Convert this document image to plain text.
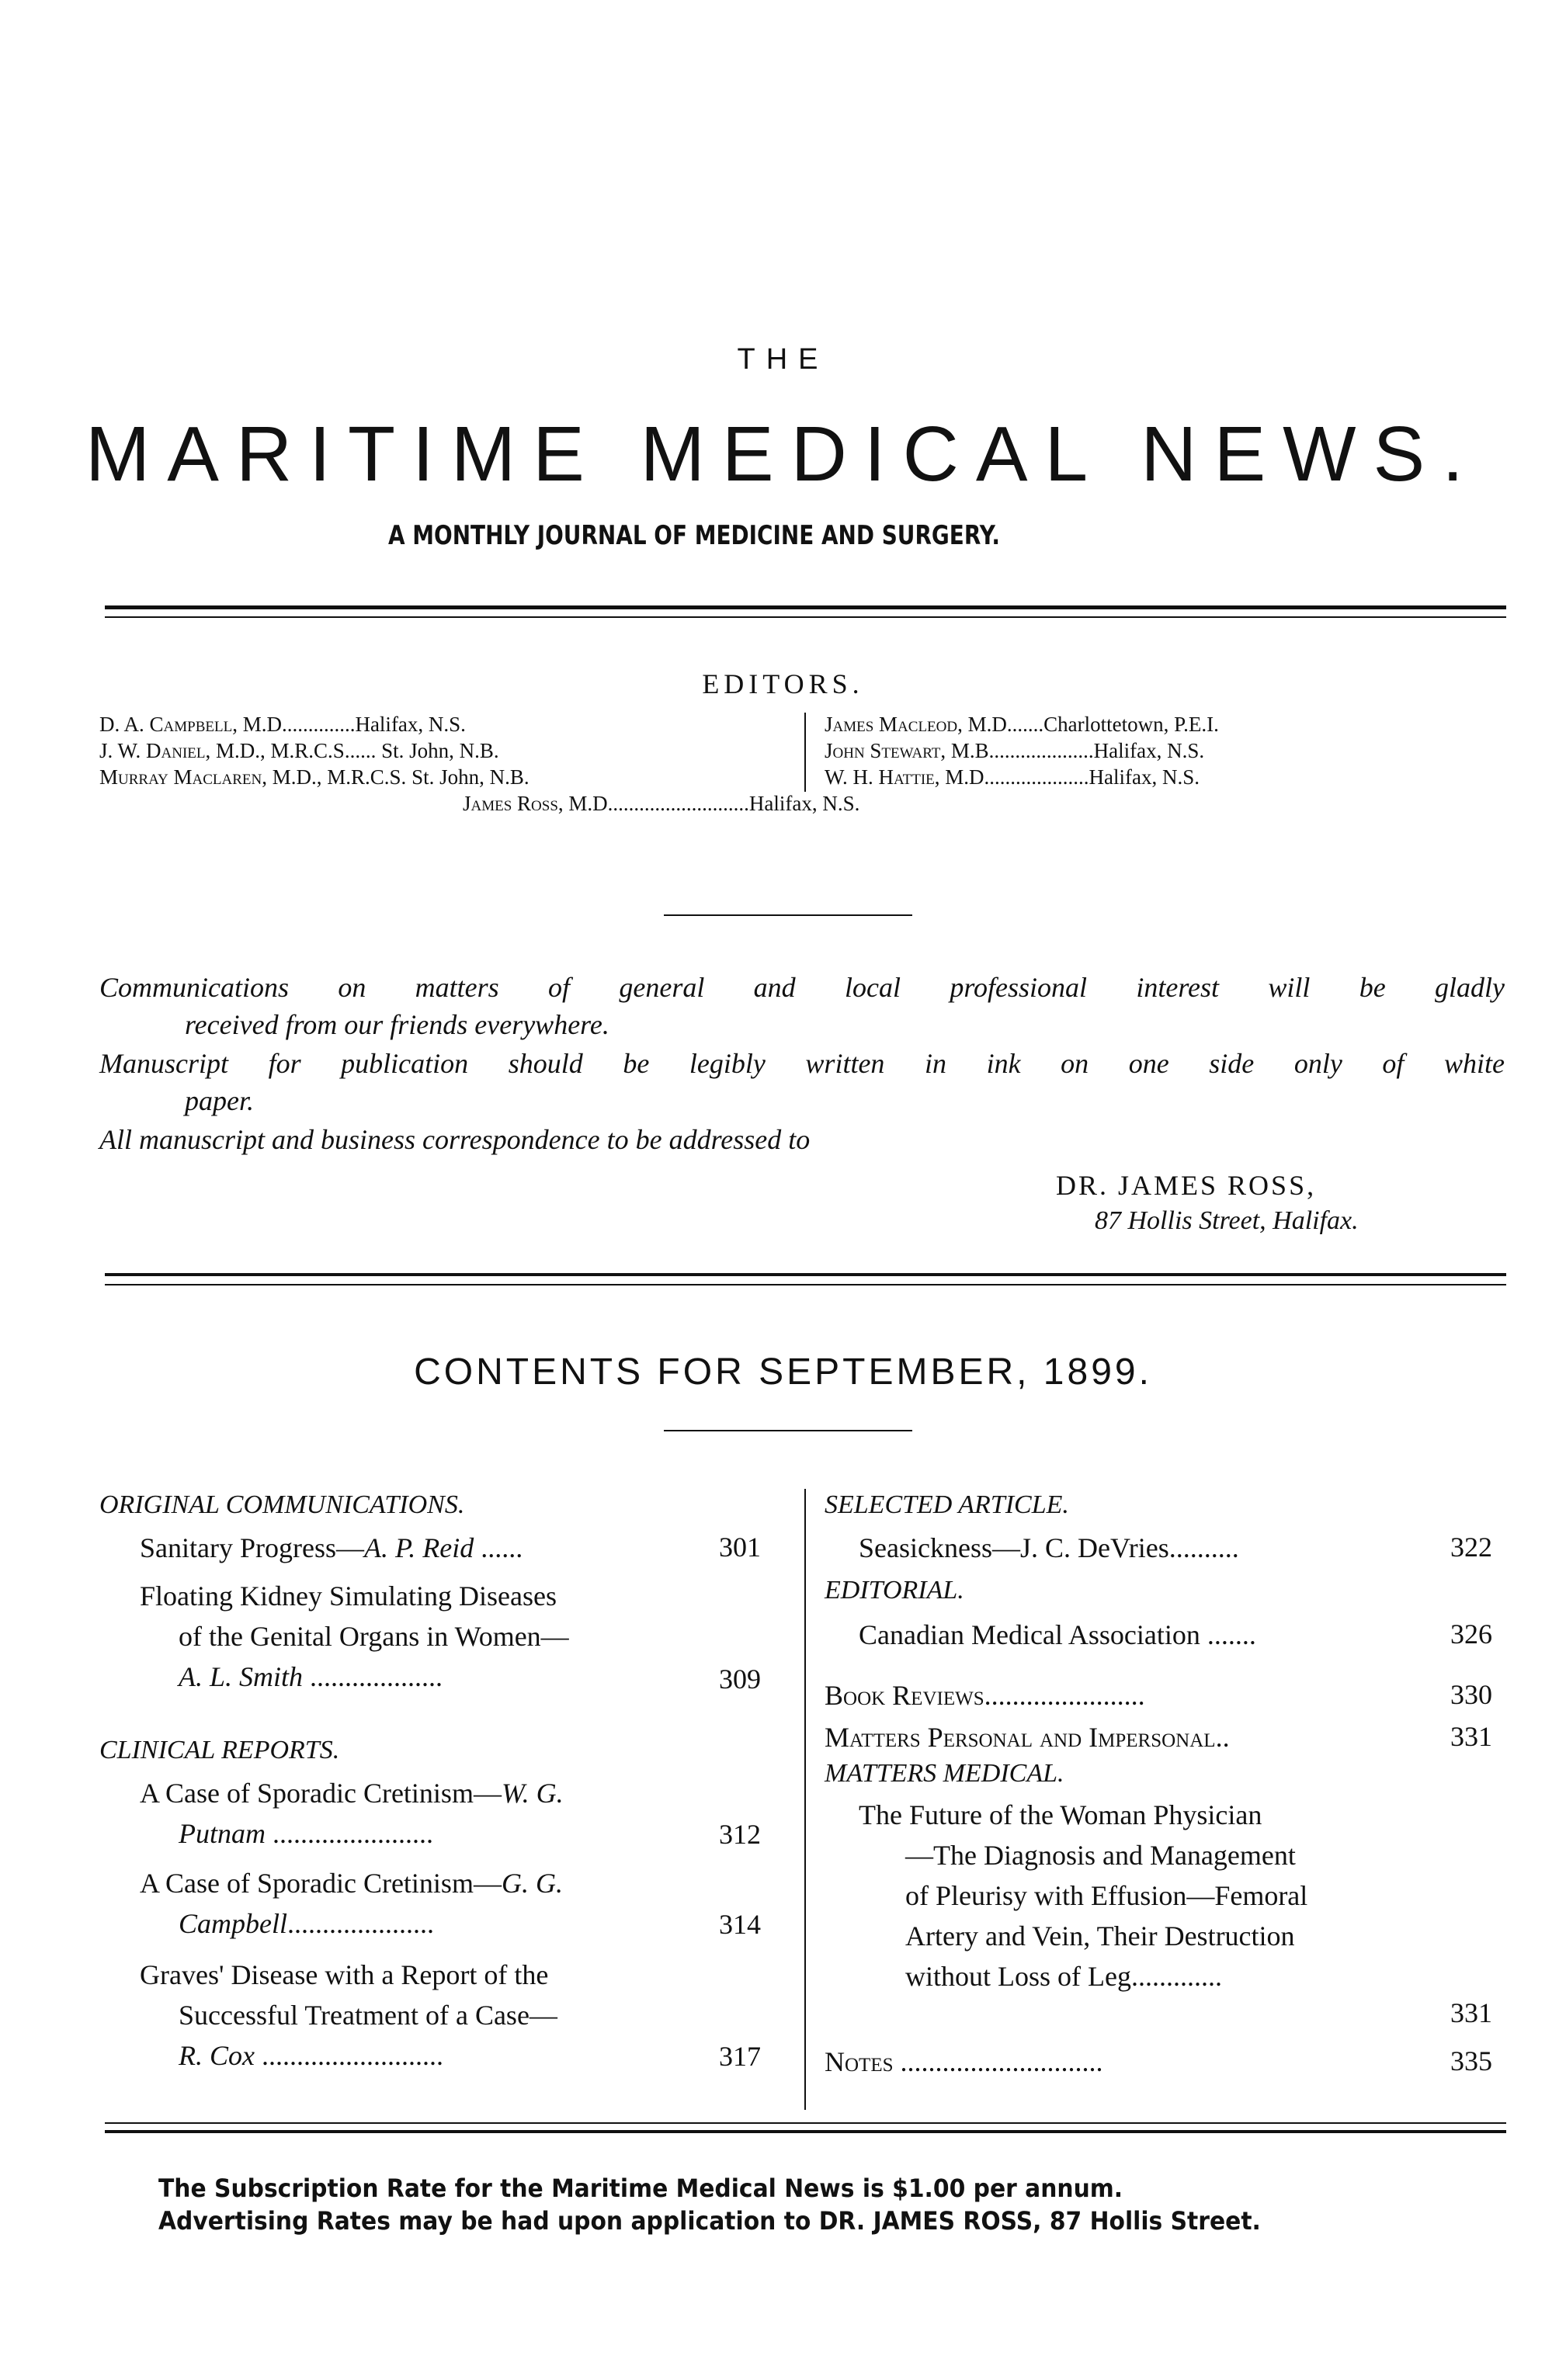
THE
MARITIME MEDICAL NEWS.
A MONTHLY JOURNAL OF MEDICINE AND SURGERY.
EDITORS.
D. A. Campbell, M.D..............Halifax, N.S.
J. W. Daniel, M.D., M.R.C.S...... St. John, N.B.
Murray Maclaren, M.D., M.R.C.S. St. John, N.B.
James Macleod, M.D.......Charlottetown, P.E.I.
John Stewart, M.B....................Halifax, N.S.
W. H. Hattie, M.D....................Halifax, N.S.
James Ross, M.D...........................Halifax, N.S.
Communications on matters of general and local professional interest will be gladly
received from our friends everywhere.
Manuscript for publication should be legibly written in ink on one side only of white
paper.
All manuscript and business correspondence to be addressed to
DR. JAMES ROSS,
87 Hollis Street, Halifax.
CONTENTS FOR SEPTEMBER, 1899.
ORIGINAL COMMUNICATIONS.
Sanitary Progress—A. P. Reid ......	301
Floating Kidney Simulating Diseases
of the Genital Organs in Women—
A. L. Smith ...................	309
CLINICAL REPORTS.
A Case of Sporadic Cretinism—W. G.
Putnam .......................	312
A Case of Sporadic Cretinism—G. G.
Campbell.....................	314
Graves' Disease with a Report of the
Successful Treatment of a Case—
R. Cox ..........................	317
SELECTED ARTICLE.
Seasickness—J. C. DeVries..........	322
EDITORIAL.
Canadian Medical Association .......	326
Book Reviews.......................	330
Matters Personal and Impersonal..	331
MATTERS MEDICAL.
The Future of the Woman Physician
—The Diagnosis and Management
of Pleurisy with Effusion—Femoral
Artery and Vein, Their Destruction
without Loss of Leg.............
331
Notes .............................	335
The Subscription Rate for the Maritime Medical News is $1.00 per annum.
Advertising Rates may be had upon application to DR. JAMES ROSS, 87 Hollis Street.
